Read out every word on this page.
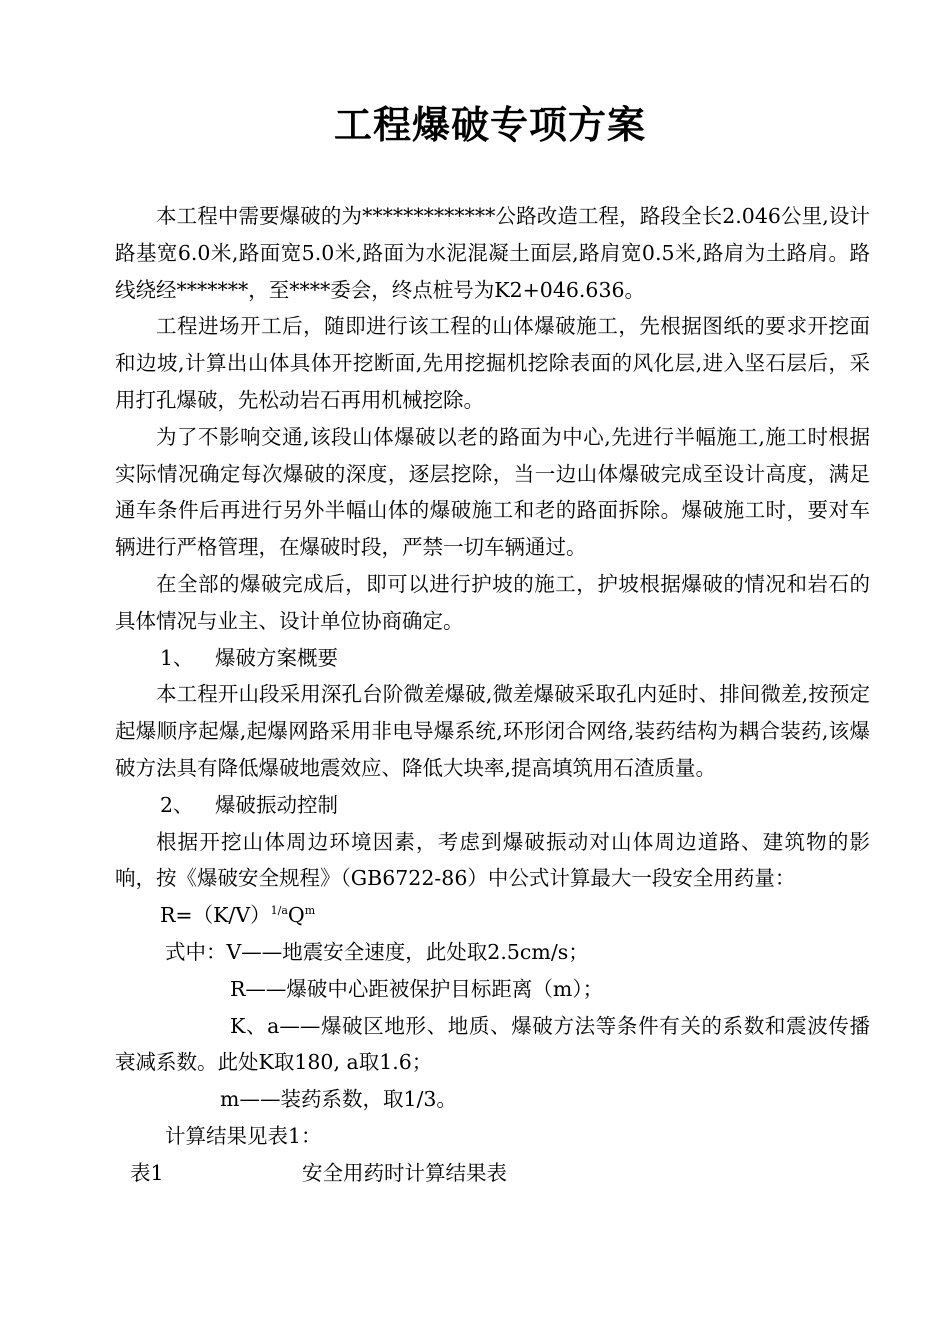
工程爆破专项方案

本工程中需要爆破的为*************公路改造工程，路段全长2.046公里,设计路基宽6.0米,路面宽5.0米,路面为水泥混凝土面层,路肩宽0.5米,路肩为土路肩。路线绕经*******，至****委会，终点桩号为K2+046.636。

工程进场开工后，随即进行该工程的山体爆破施工，先根据图纸的要求开挖面和边坡,计算出山体具体开挖断面,先用挖掘机挖除表面的风化层,进入坚石层后，采用打孔爆破，先松动岩石再用机械挖除。

为了不影响交通,该段山体爆破以老的路面为中心,先进行半幅施工,施工时根据实际情况确定每次爆破的深度，逐层挖除，当一边山体爆破完成至设计高度，满足通车条件后再进行另外半幅山体的爆破施工和老的路面拆除。爆破施工时，要对车辆进行严格管理，在爆破时段，严禁一切车辆通过。

在全部的爆破完成后，即可以进行护坡的施工，护坡根据爆破的情况和岩石的具体情况与业主、设计单位协商确定。

1、 爆破方案概要

本工程开山段采用深孔台阶微差爆破,微差爆破采取孔内延时、排间微差,按预定起爆顺序起爆,起爆网路采用非电导爆系统,环形闭合网络,装药结构为耦合装药,该爆破方法具有降低爆破地震效应、降低大块率,提高填筑用石渣质量。

2、 爆破振动控制

根据开挖山体周边环境因素，考虑到爆破振动对山体周边道路、建筑物的影响，按《爆破安全规程》（GB6722-86）中公式计算最大一段安全用药量：

$R=(K/V)^{1/a}Q^m$

式中：V——地震安全速度，此处取2.5cm/s；

R——爆破中心距被保护目标距离（m）；

K、a——爆破区地形、地质、爆破方法等条件有关的系数和震波传播衰减系数。此处K取180, a取1.6；

m——装药系数，取1/3。

计算结果见表1：

表1	安全用药时计算结果表
